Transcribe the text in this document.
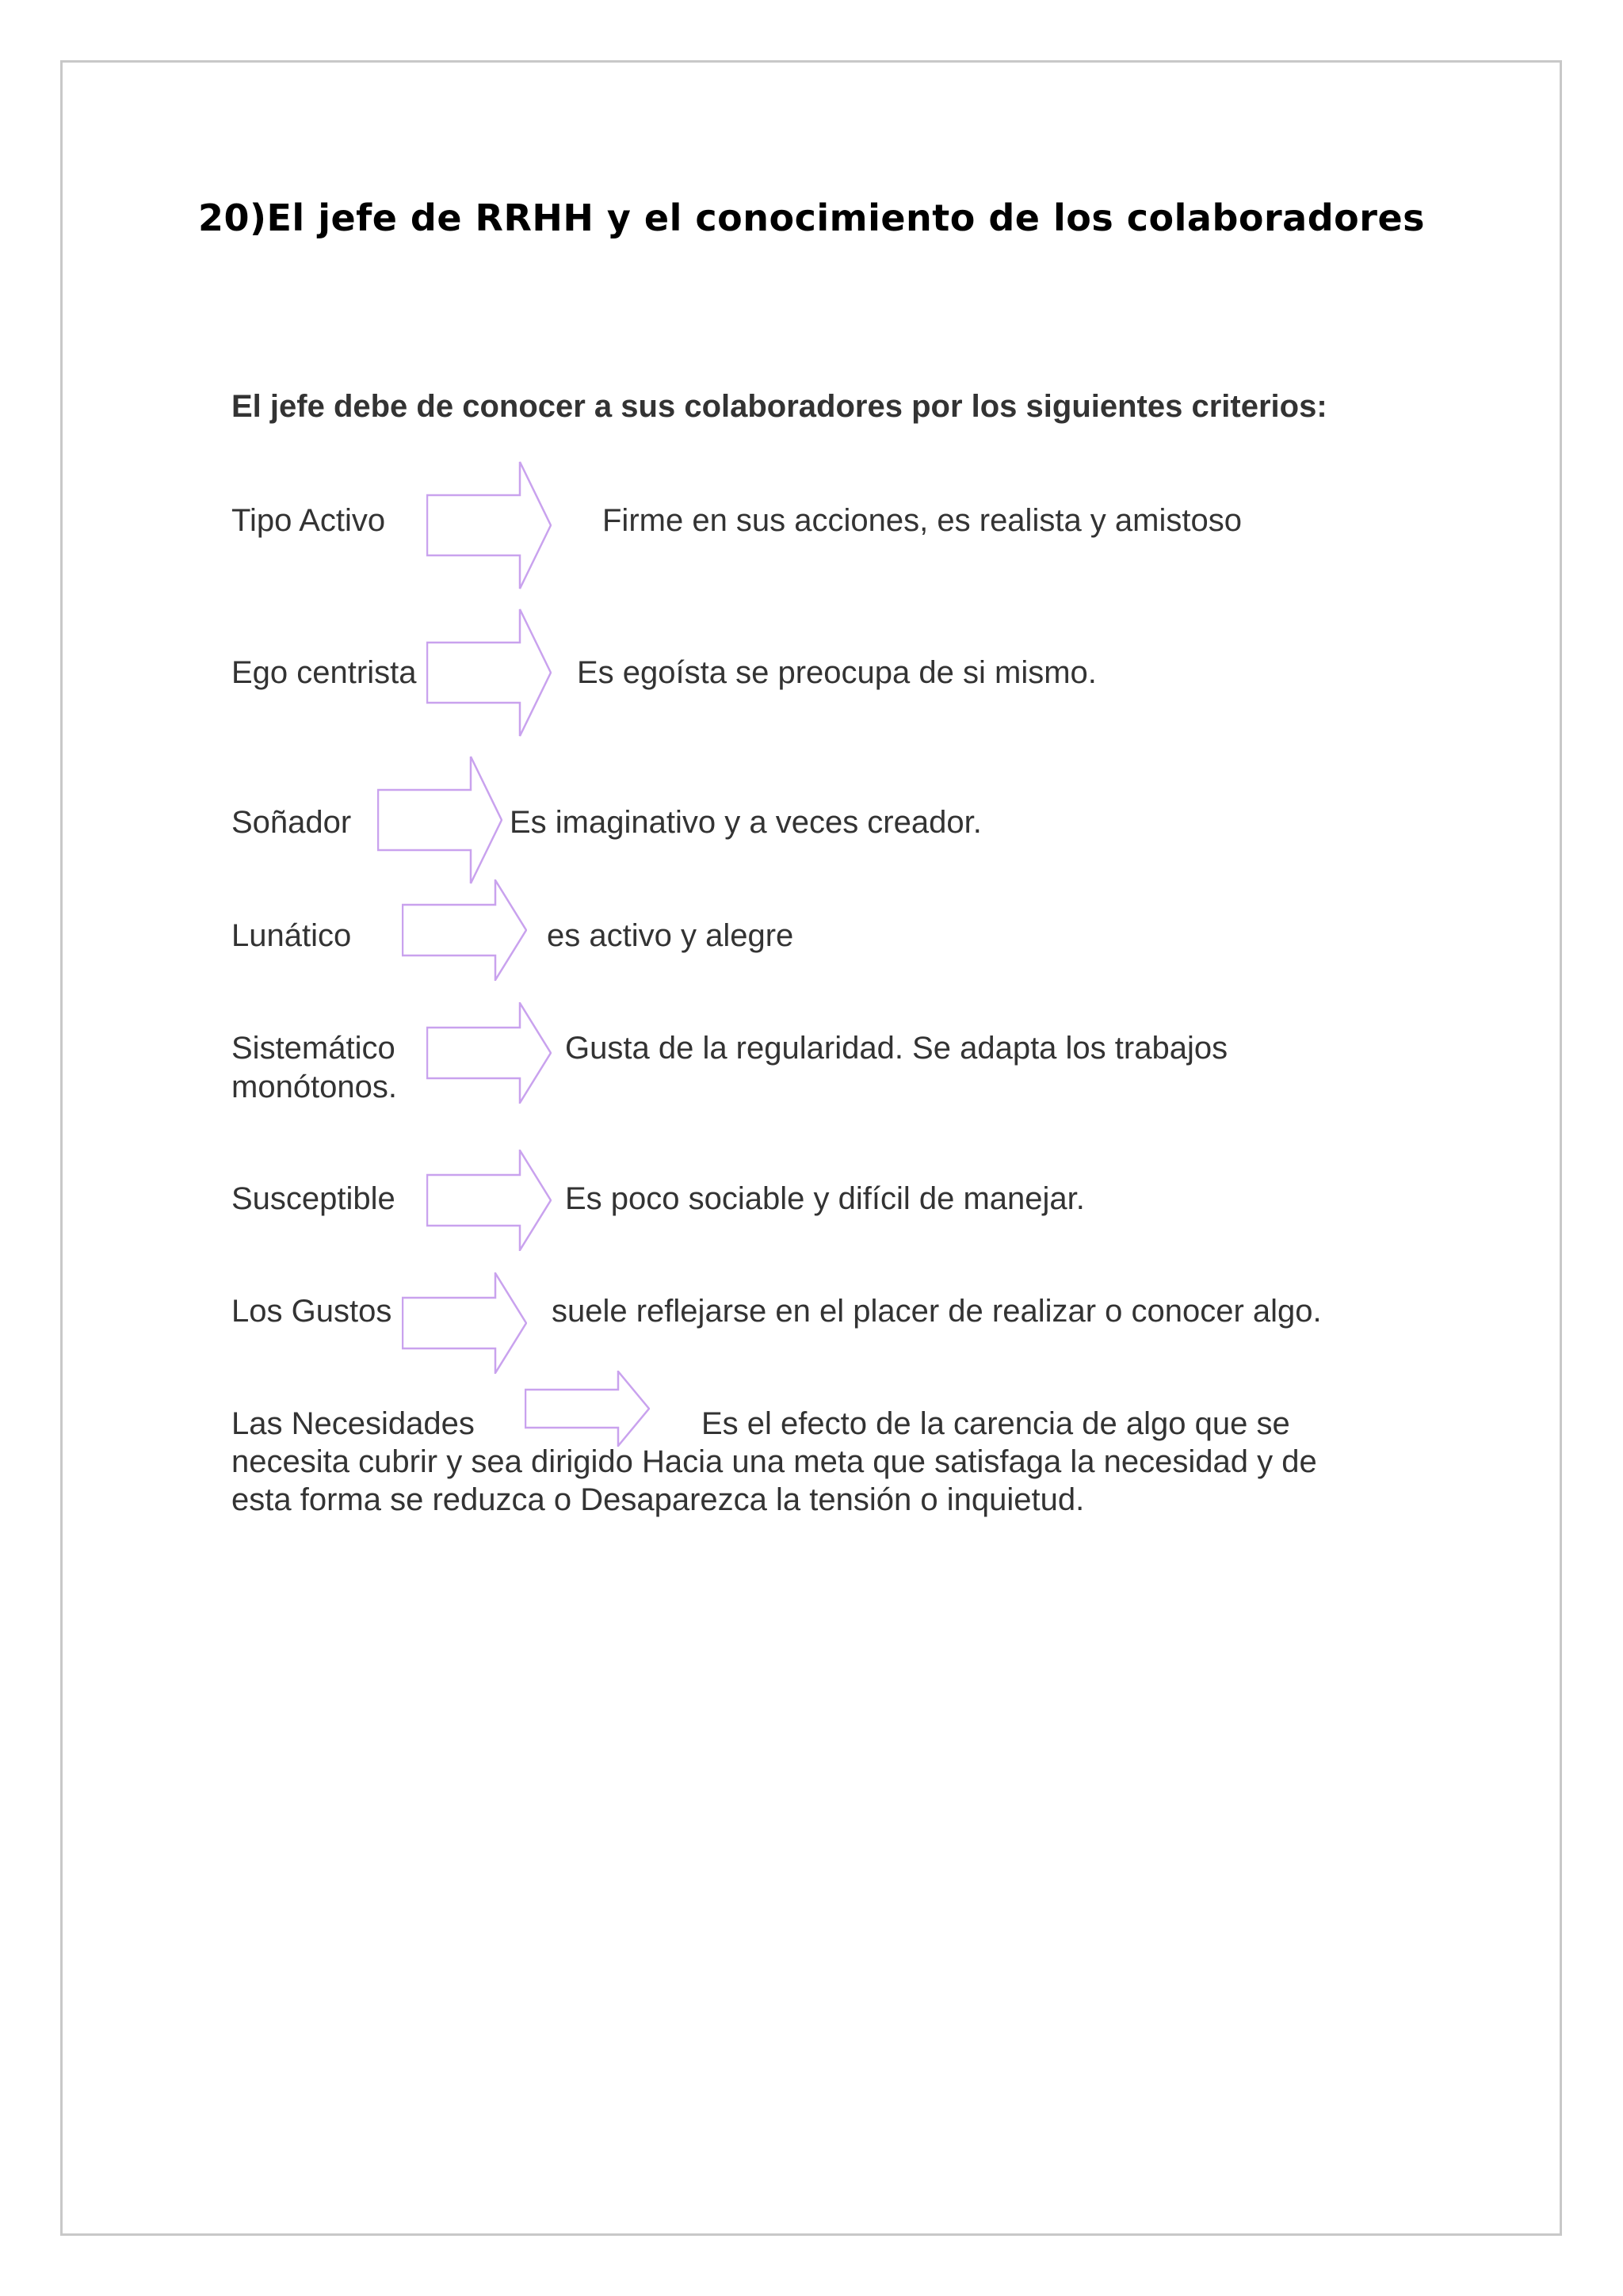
20)El jefe de RRHH y el conocimiento de los colaboradores
El jefe debe de conocer a sus colaboradores por los siguientes criterios:
Tipo Activo	Firme en sus acciones, es realista y amistoso
Ego centrista	Es egoísta se preocupa de si mismo.
Soñador	Es imaginativo y a veces creador.
Lunático	es activo y alegre
Sistemático	Gusta de la regularidad. Se adapta los trabajos
monótonos.
Susceptible	Es poco sociable y difícil de manejar.
Los Gustos	suele reflejarse en el placer de realizar o conocer algo.
Las Necesidades	Es el efecto de la carencia de algo que se
necesita cubrir y sea dirigido Hacia una meta que satisfaga la necesidad y de
esta forma se reduzca o Desaparezca la tensión o inquietud.
